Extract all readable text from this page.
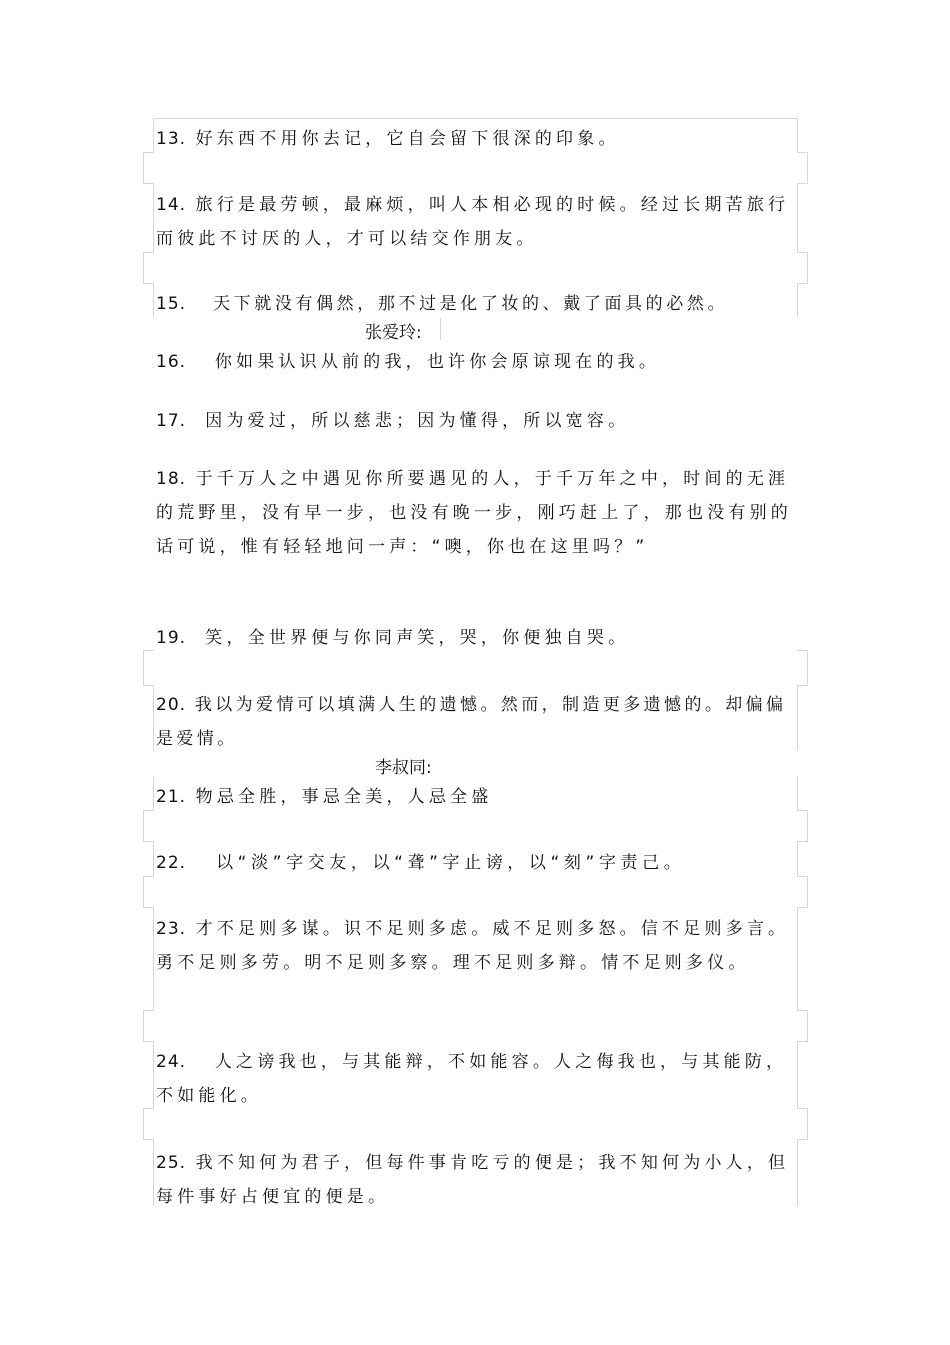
13. 好东西不用你去记，它自会留下很深的印象。
14. 旅行是最劳顿，最麻烦，叫人本相必现的时候。经过长期苦旅行而彼此不讨厌的人，才可以结交作朋友。
15. 天下就没有偶然，那不过是化了妆的、戴了面具的必然。
张爱玲:
16. 你如果认识从前的我，也许你会原谅现在的我。
17. 因为爱过，所以慈悲；因为懂得，所以宽容。
18. 于千万人之中遇见你所要遇见的人，于千万年之中，时间的无涯的荒野里，没有早一步，也没有晚一步，刚巧赶上了，那也没有别的话可说，惟有轻轻地问一声：“噢，你也在这里吗？”
19. 笑，全世界便与你同声笑，哭，你便独自哭。
20. 我以为爱情可以填满人生的遗憾。然而，制造更多遗憾的。却偏偏是爱情。
李叔同:
21. 物忌全胜，事忌全美，人忌全盛
22. 以“淡”字交友，以“聋”字止谤，以“刻”字责己。
23. 才不足则多谋。识不足则多虑。威不足则多怒。信不足则多言。勇不足则多劳。明不足则多察。理不足则多辩。情不足则多仪。
24. 人之谤我也，与其能辩，不如能容。人之侮我也，与其能防，不如能化。
25. 我不知何为君子，但每件事肯吃亏的便是；我不知何为小人，但每件事好占便宜的便是。
